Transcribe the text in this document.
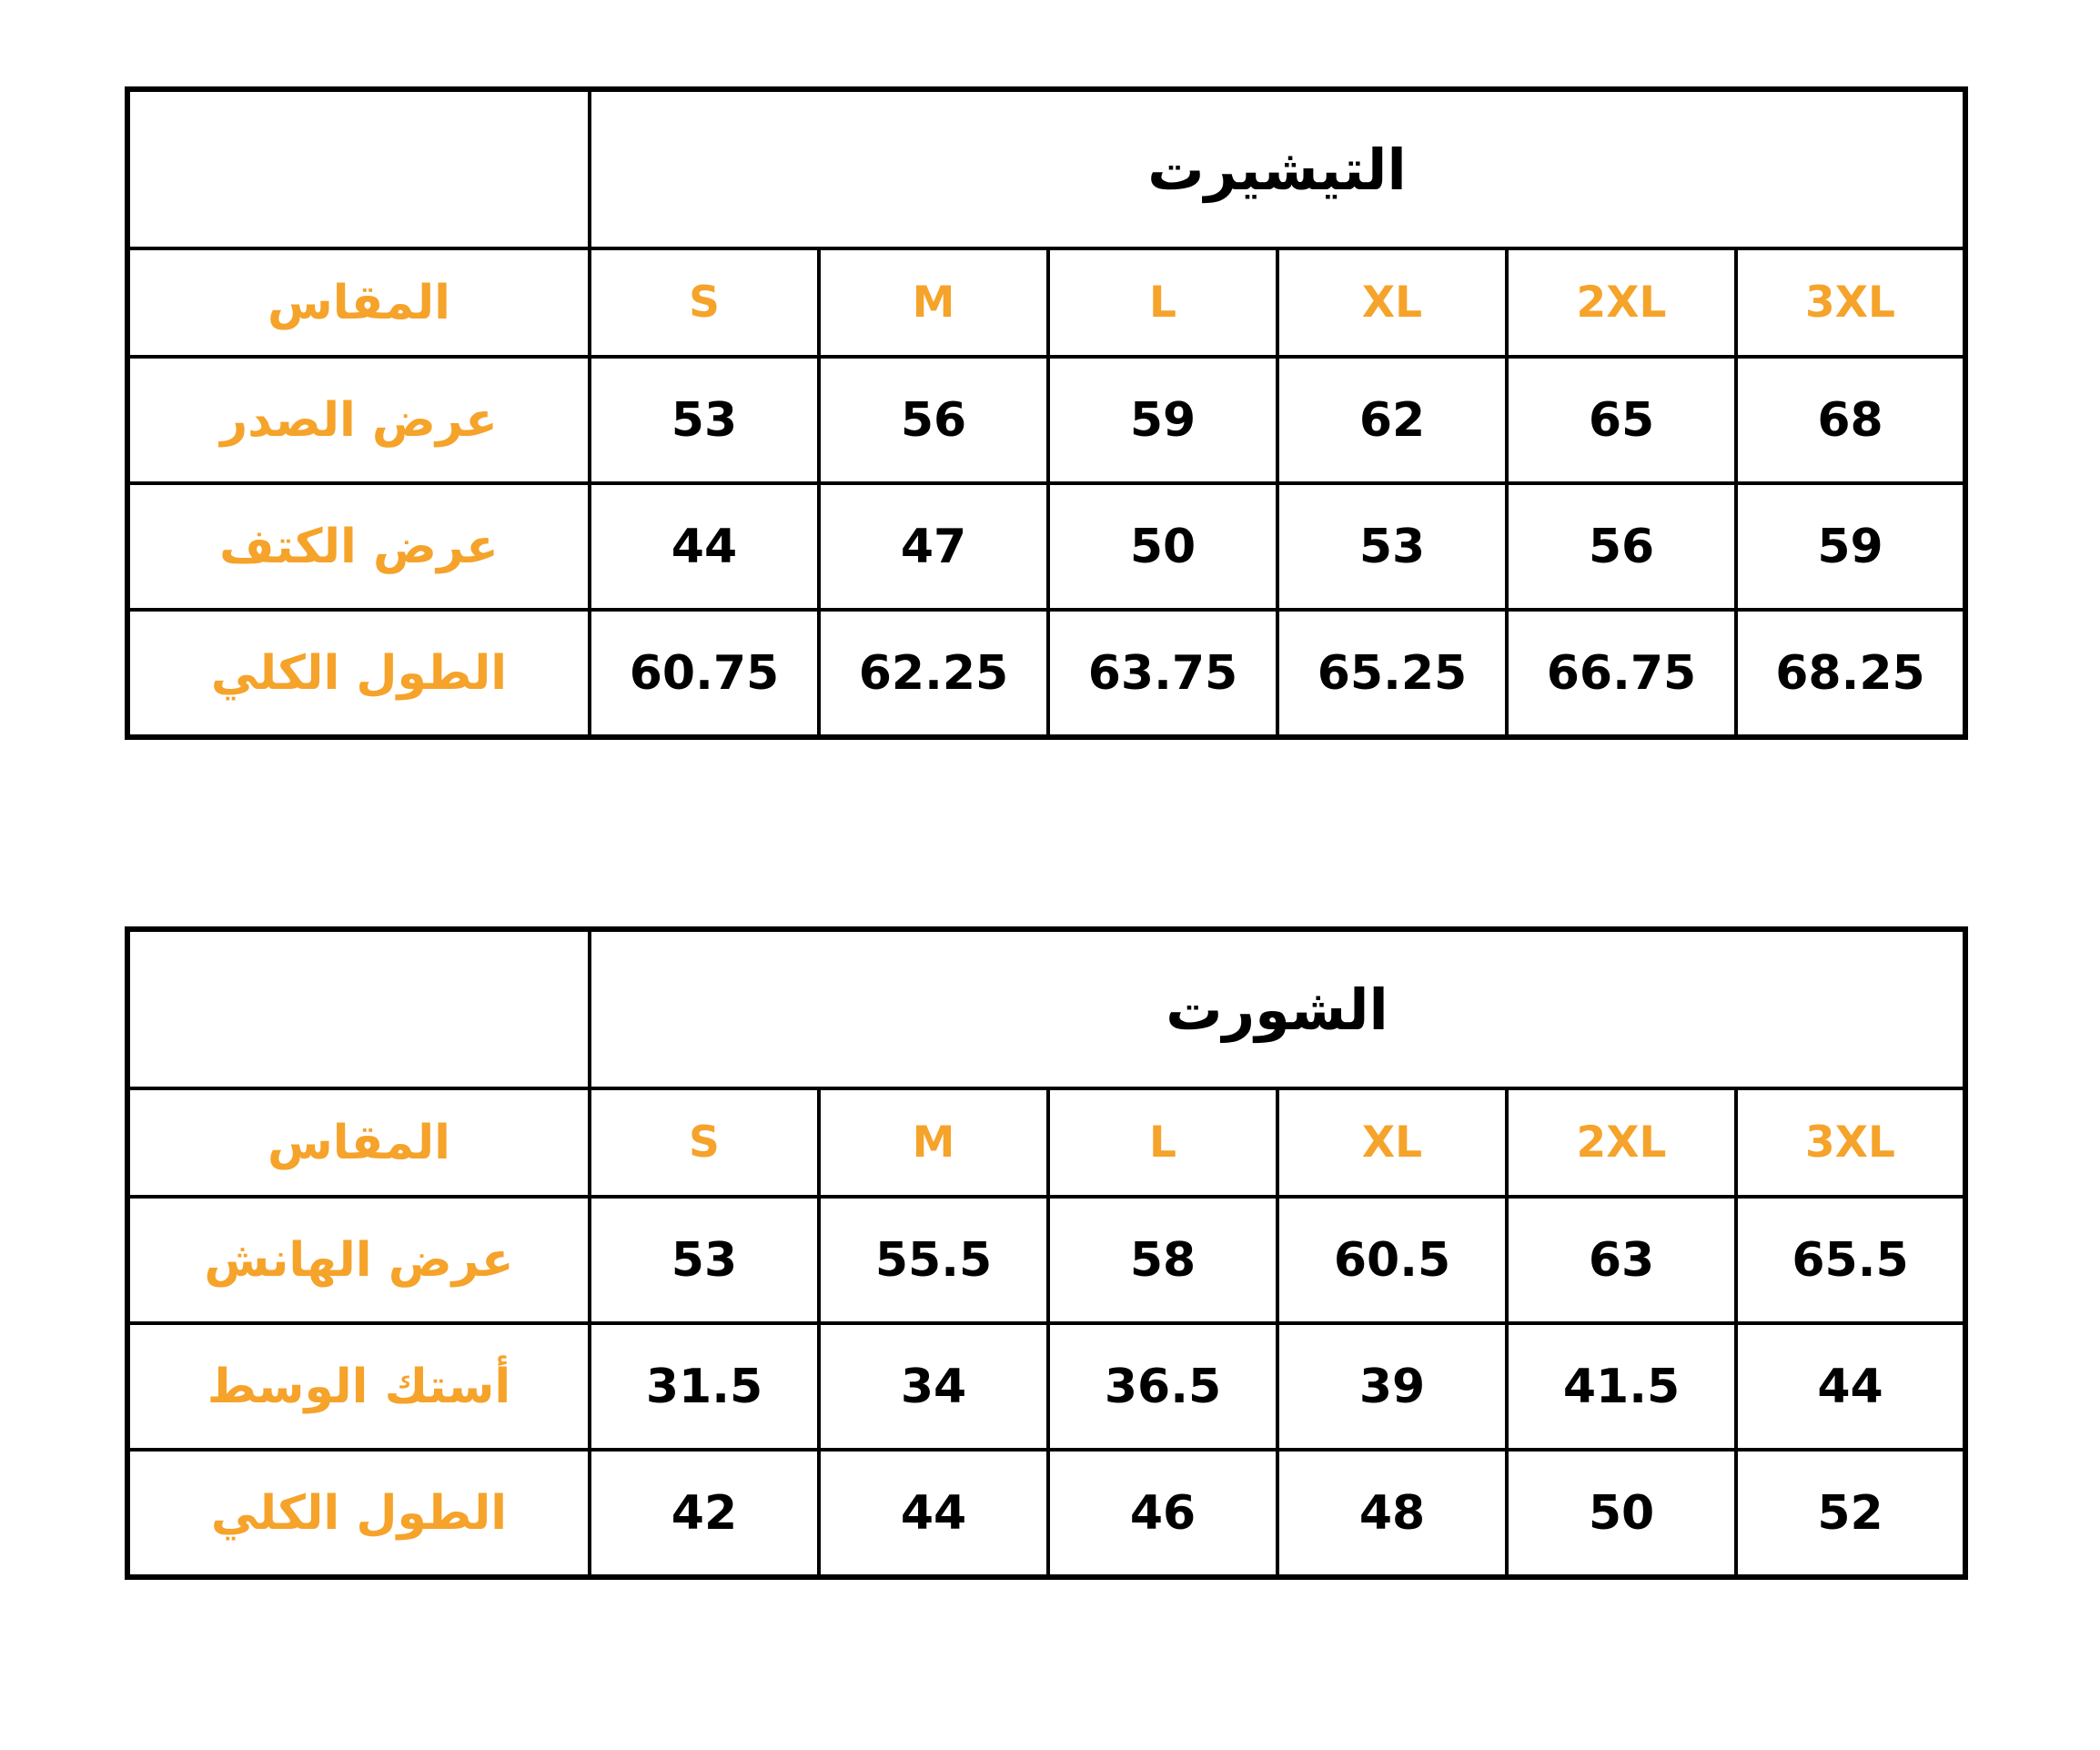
التيشيرت						
3XL	2XL	XL	L	M	S	المقاس
68	65	62	59	56	53	عرض الصدر
59	56	53	50	47	44	عرض الكتف
68.25	66.75	65.25	63.75	62.25	60.75	الطول الكلي
الشورت						
3XL	2XL	XL	L	M	S	المقاس
65.5	63	60.5	58	55.5	53	عرض الهانش
44	41.5	39	36.5	34	31.5	أستك الوسط
52	50	48	46	44	42	الطول الكلي
